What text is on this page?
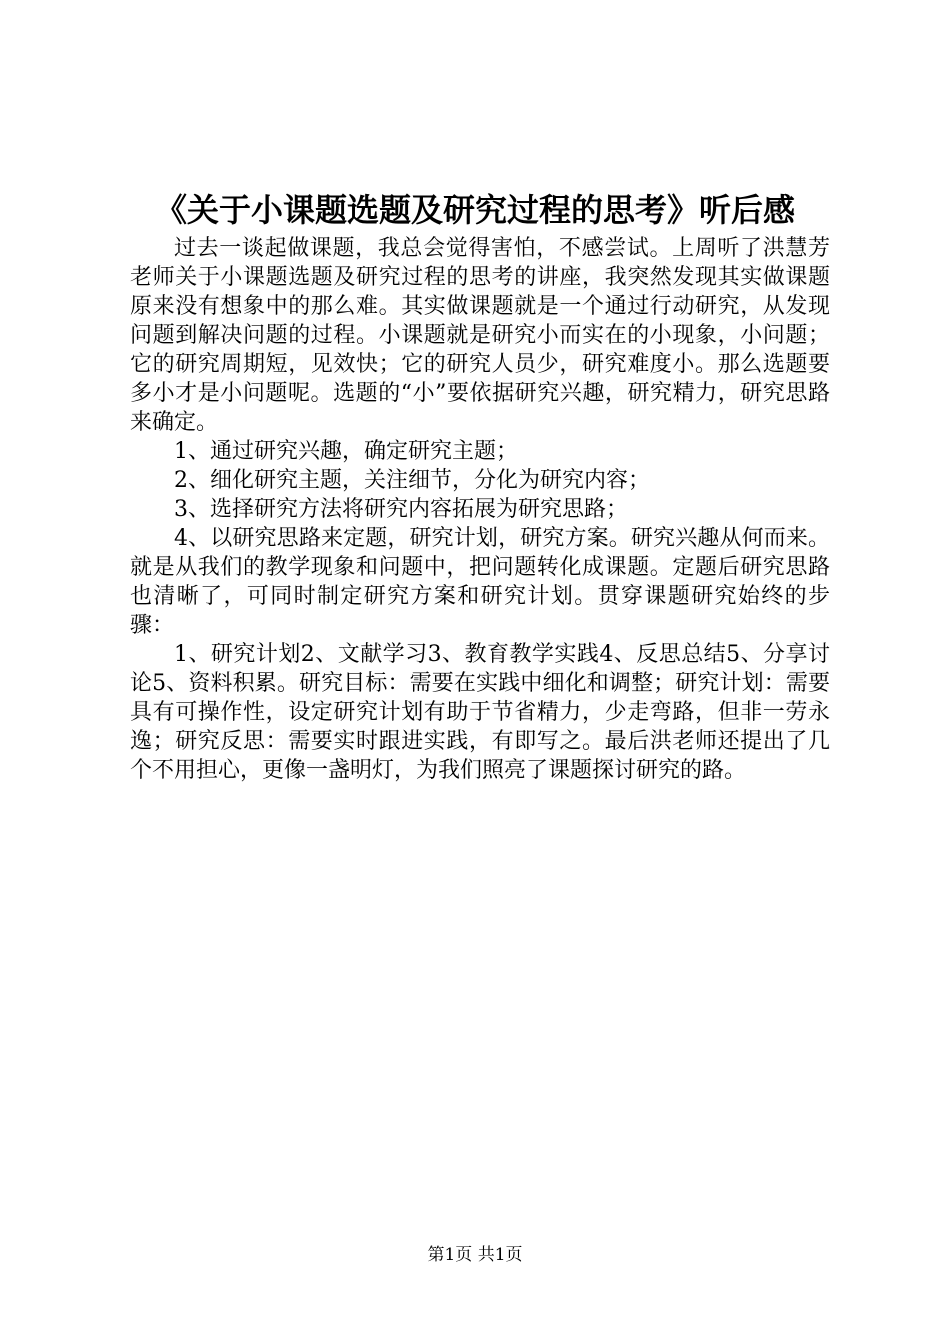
《关于小课题选题及研究过程的思考》听后感

过去一谈起做课题，我总会觉得害怕，不感尝试。上周听了洪慧芳老师关于小课题选题及研究过程的思考的讲座，我突然发现其实做课题原来没有想象中的那么难。其实做课题就是一个通过行动研究，从发现问题到解决问题的过程。小课题就是研究小而实在的小现象，小问题；它的研究周期短，见效快；它的研究人员少，研究难度小。那么选题要多小才是小问题呢。选题的“小”要依据研究兴趣，研究精力，研究思路来确定。

1、通过研究兴趣，确定研究主题；

2、细化研究主题，关注细节，分化为研究内容；

3、选择研究方法将研究内容拓展为研究思路；

4、以研究思路来定题，研究计划，研究方案。研究兴趣从何而来。就是从我们的教学现象和问题中，把问题转化成课题。定题后研究思路也清晰了，可同时制定研究方案和研究计划。贯穿课题研究始终的步骤：

1、研究计划2、文献学习3、教育教学实践4、反思总结5、分享讨论5、资料积累。研究目标：需要在实践中细化和调整；研究计划：需要具有可操作性，设定研究计划有助于节省精力，少走弯路，但非一劳永逸；研究反思：需要实时跟进实践，有即写之。最后洪老师还提出了几个不用担心，更像一盏明灯，为我们照亮了课题探讨研究的路。

第1页 共1页
